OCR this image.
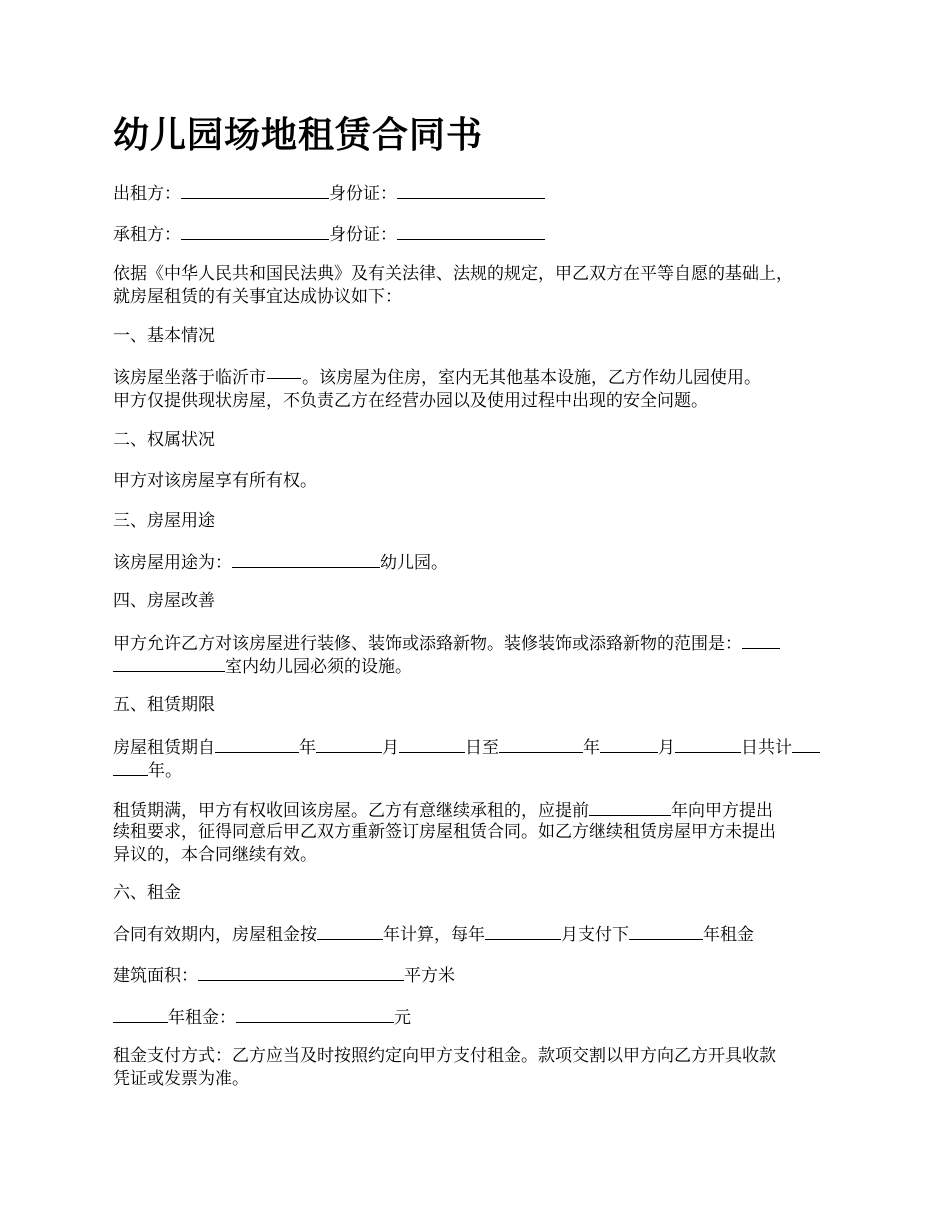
幼儿园场地租赁合同书

出租方：	身份证：

承租方：	身份证：

依据《中华人民共和国民法典》及有关法律、法规的规定，甲乙双方在平等自愿的基础上，

就房屋租赁的有关事宜达成协议如下：

一、基本情况

该房屋坐落于临沂市 。该房屋为住房，室内无其他基本设施，乙方作幼儿园使用。

甲方仅提供现状房屋，不负责乙方在经营办园以及使用过程中出现的安全问题。

二、权属状况

甲方对该房屋享有所有权。

三、房屋用途

该房屋用途为：	幼儿园。

四、房屋改善

甲方允许乙方对该房屋进行装修、装饰或添臵新物。装修装饰或添臵新物的范围是：

室内幼儿园必须的设施。

五、租赁期限

房屋租赁期自	年	月	日至	年	月	日共计

年。

租赁期满，甲方有权收回该房屋。乙方有意继续承租的，应提前	年向甲方提出

续租要求，征得同意后甲乙双方重新签订房屋租赁合同。如乙方继续租赁房屋甲方未提出

异议的，本合同继续有效。

六、租金

合同有效期内，房屋租金按	年计算，每年	月支付下	年租金

建筑面积：	平方米

年租金：	元

租金支付方式：乙方应当及时按照约定向甲方支付租金。款项交割以甲方向乙方开具收款

凭证或发票为准。
